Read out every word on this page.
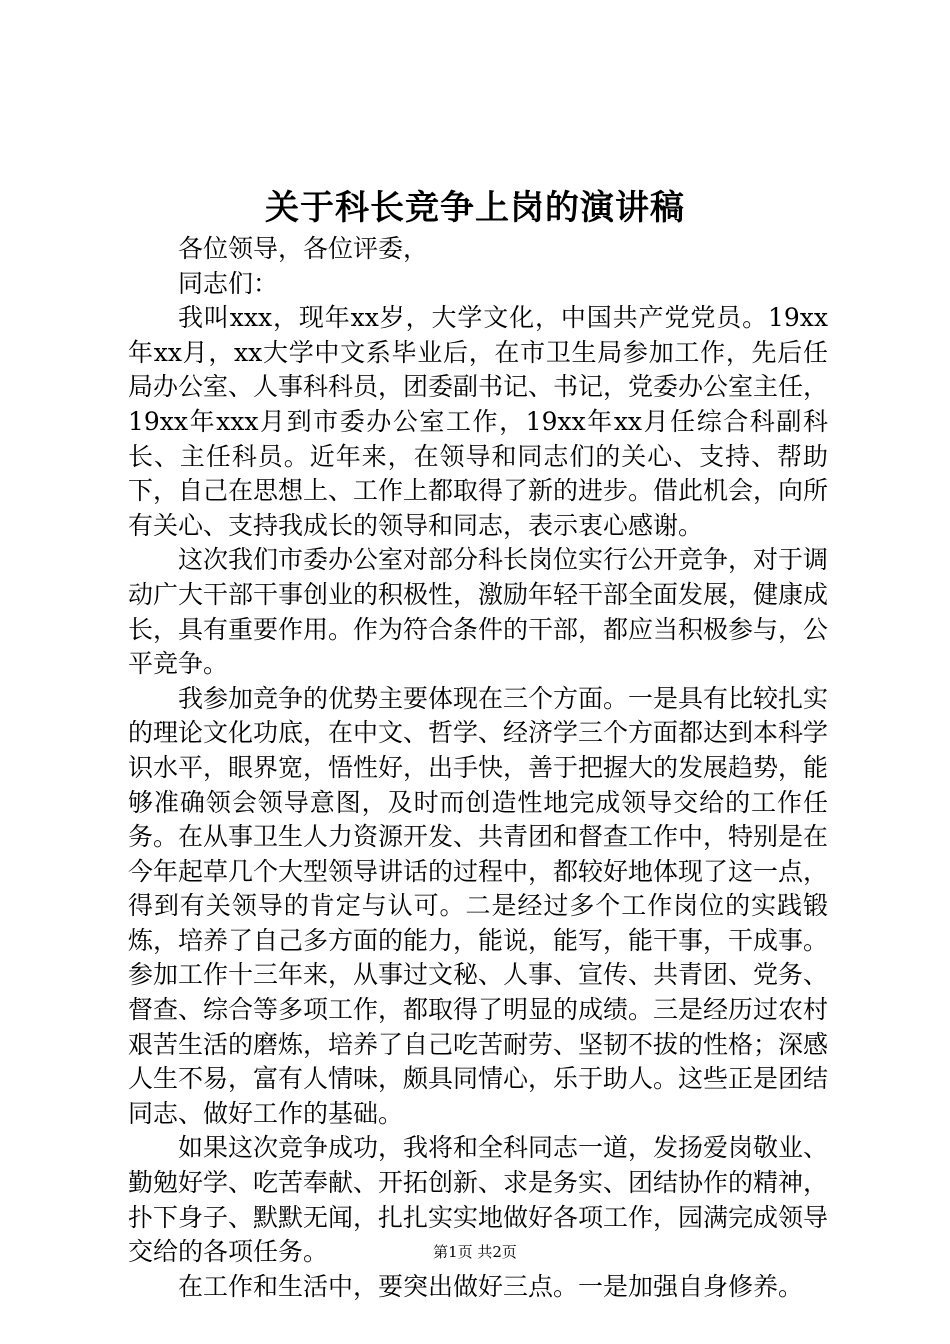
关于科长竞争上岗的演讲稿

各位领导，各位评委，

同志们：

我叫xxx，现年xx岁，大学文化，中国共产党党员。19xx年xx月，xx大学中文系毕业后，在市卫生局参加工作，先后任局办公室、人事科科员，团委副书记、书记，党委办公室主任，19xx年xxx月到市委办公室工作，19xx年xx月任综合科副科长、主任科员。近年来，在领导和同志们的关心、支持、帮助下，自己在思想上、工作上都取得了新的进步。借此机会，向所有关心、支持我成长的领导和同志，表示衷心感谢。

这次我们市委办公室对部分科长岗位实行公开竞争，对于调动广大干部干事创业的积极性，激励年轻干部全面发展，健康成长，具有重要作用。作为符合条件的干部，都应当积极参与，公平竞争。

我参加竞争的优势主要体现在三个方面。一是具有比较扎实的理论文化功底，在中文、哲学、经济学三个方面都达到本科学识水平，眼界宽，悟性好，出手快，善于把握大的发展趋势，能够准确领会领导意图，及时而创造性地完成领导交给的工作任务。在从事卫生人力资源开发、共青团和督查工作中，特别是在今年起草几个大型领导讲话的过程中，都较好地体现了这一点，得到有关领导的肯定与认可。二是经过多个工作岗位的实践锻炼，培养了自己多方面的能力，能说，能写，能干事，干成事。参加工作十三年来，从事过文秘、人事、宣传、共青团、党务、督查、综合等多项工作，都取得了明显的成绩。三是经历过农村艰苦生活的磨炼，培养了自己吃苦耐劳、坚韧不拔的性格；深感人生不易，富有人情味，颇具同情心，乐于助人。这些正是团结同志、做好工作的基础。

如果这次竞争成功，我将和全科同志一道，发扬爱岗敬业、勤勉好学、吃苦奉献、开拓创新、求是务实、团结协作的精神，扑下身子、默默无闻，扎扎实实地做好各项工作，园满完成领导交给的各项任务。

在工作和生活中，要突出做好三点。一是加强自身修养。

第1页 共2页
